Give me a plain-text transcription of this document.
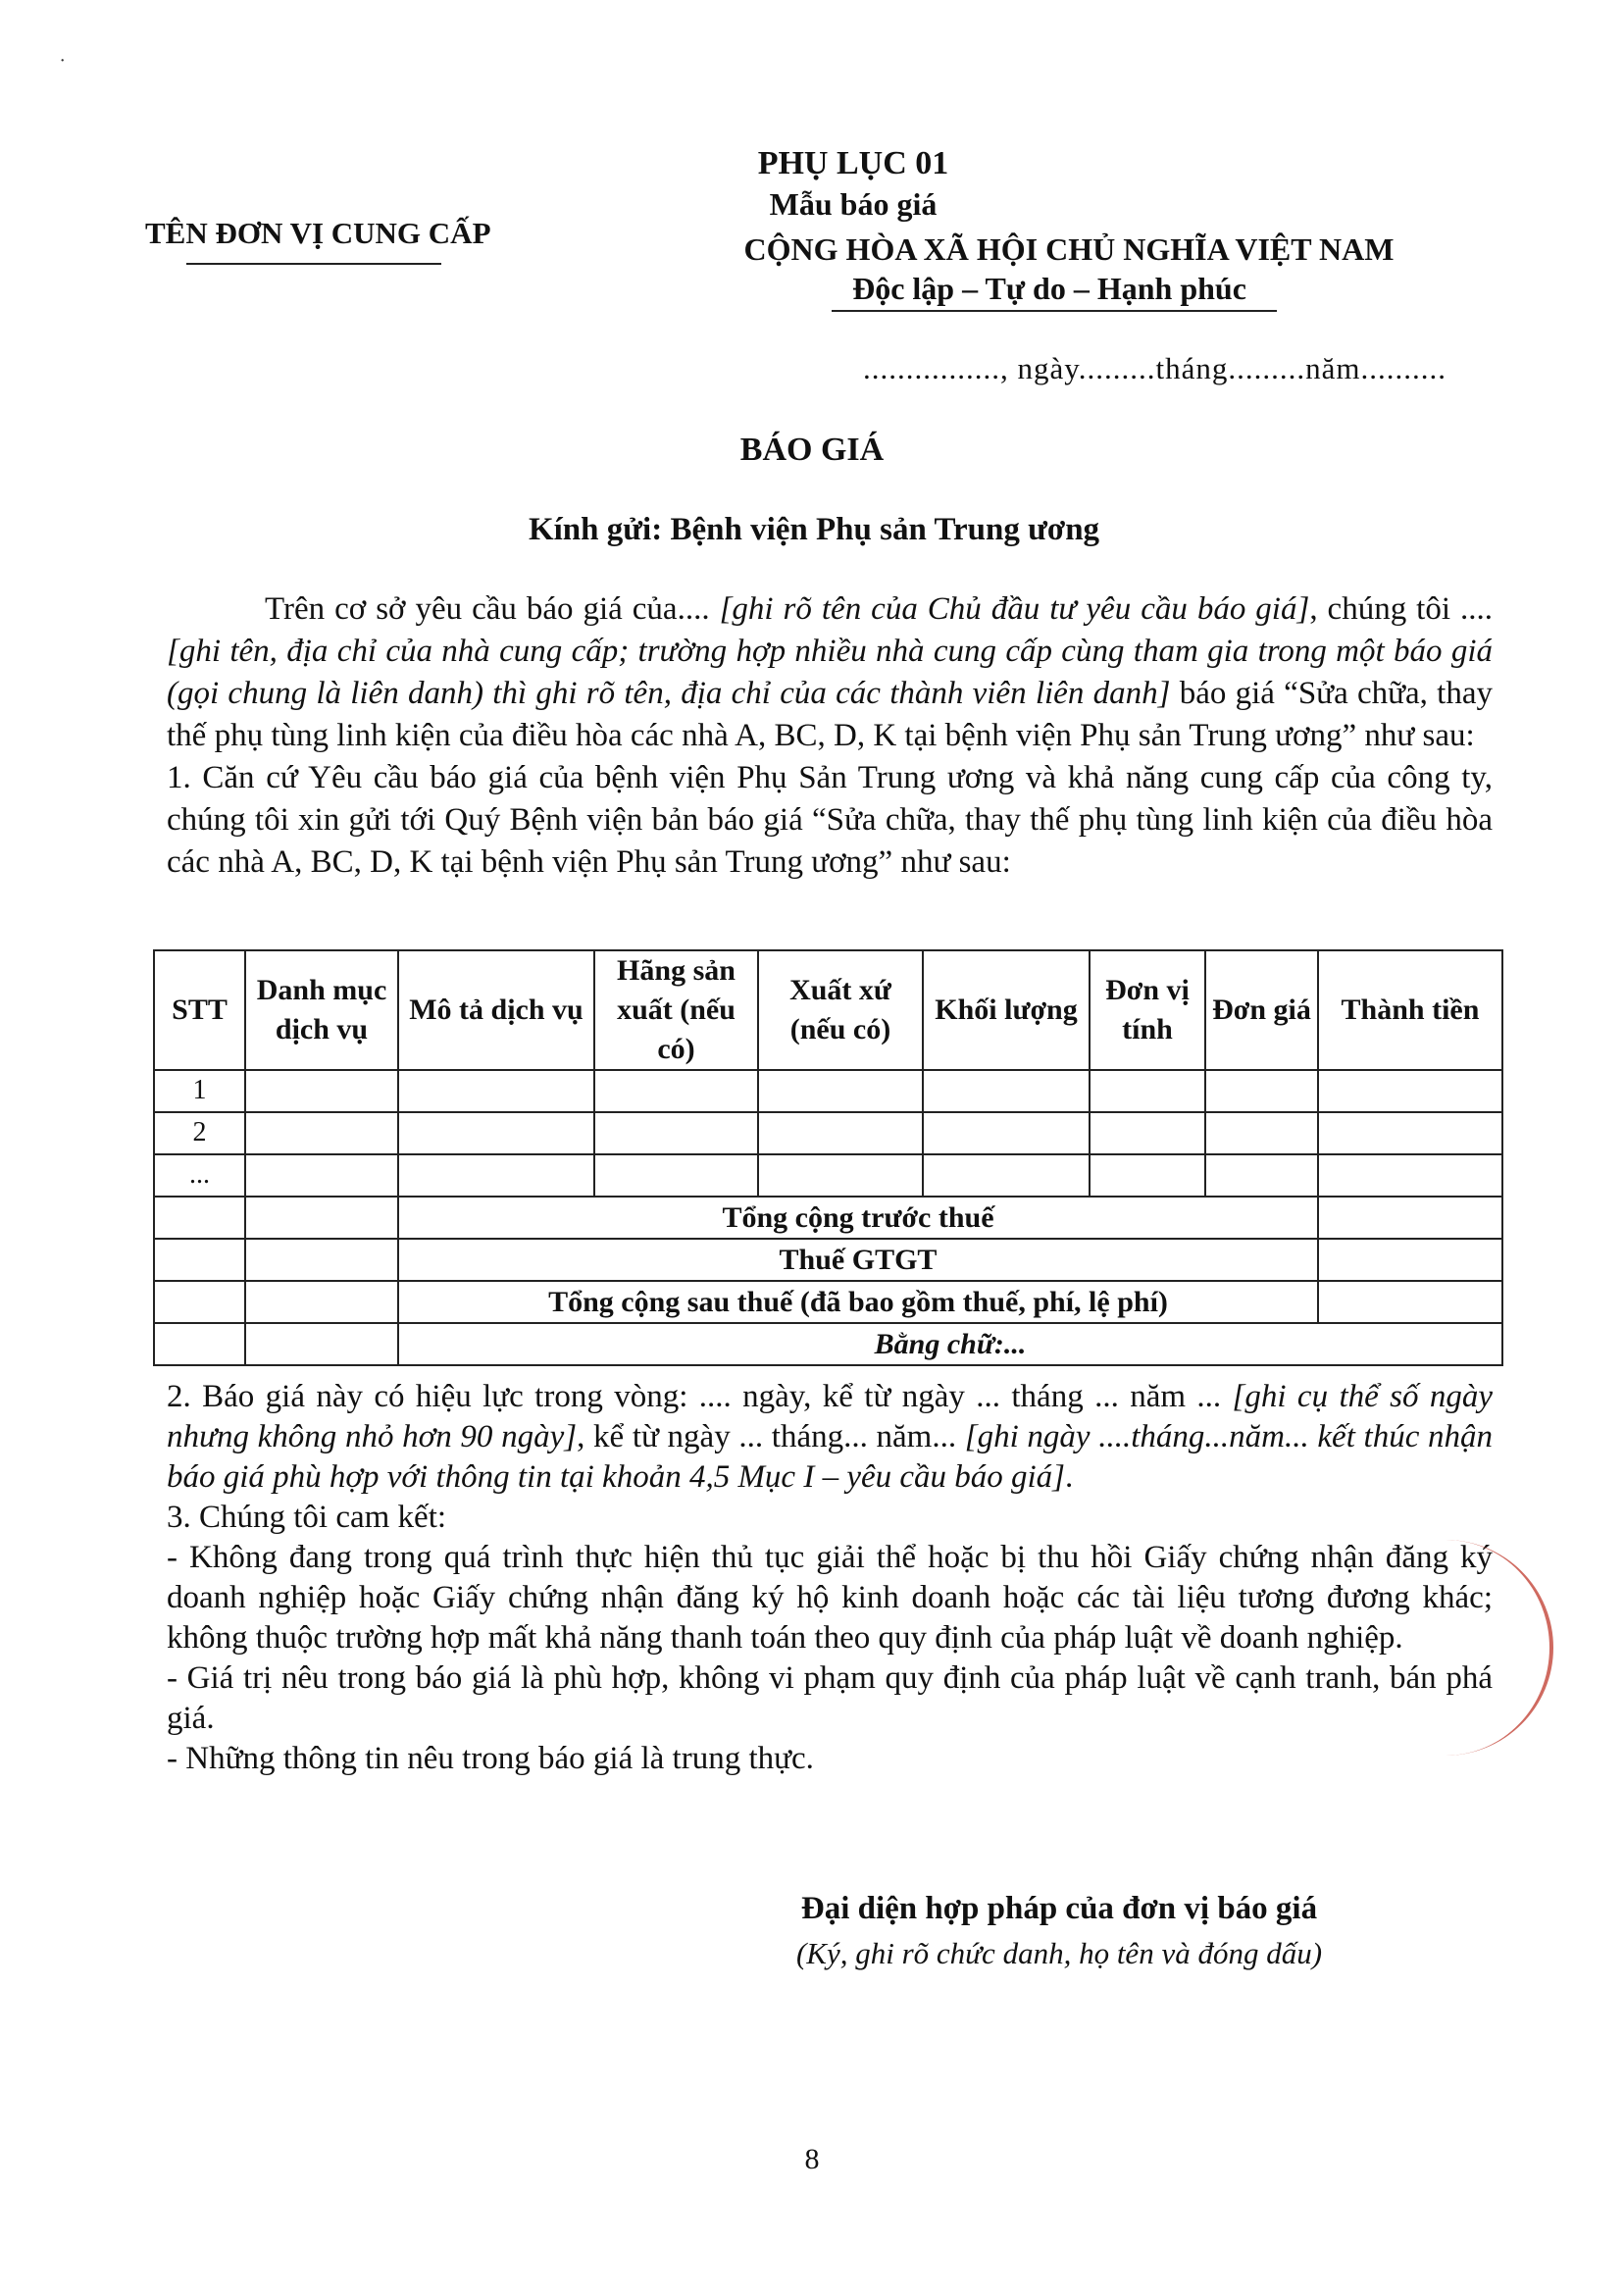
˙
TÊN ĐƠN VỊ CUNG CẤP
PHỤ LỤC 01
Mẫu báo giá
CỘNG HÒA XÃ HỘI CHỦ NGHĨA VIỆT NAM
Độc lập – Tự do – Hạnh phúc
................, ngày.........tháng.........năm..........
BÁO GIÁ
Kính gửi: Bệnh viện Phụ sản Trung ương

Trên cơ sở yêu cầu báo giá của.... [ghi rõ tên của Chủ đầu tư yêu cầu báo giá], chúng tôi .... [ghi tên, địa chỉ của nhà cung cấp; trường hợp nhiều nhà cung cấp cùng tham gia trong một báo giá (gọi chung là liên danh) thì ghi rõ tên, địa chỉ của các thành viên liên danh] báo giá “Sửa chữa, thay thế phụ tùng linh kiện của điều hòa các nhà A, BC, D, K tại bệnh viện Phụ sản Trung ương” như sau:

1. Căn cứ Yêu cầu báo giá của bệnh viện Phụ Sản Trung ương và khả năng cung cấp của công ty, chúng tôi xin gửi tới Quý Bệnh viện bản báo giá “Sửa chữa, thay thế phụ tùng linh kiện của điều hòa các nhà A, BC, D, K tại bệnh viện Phụ sản Trung ương” như sau:

STT	Danh mục dịch vụ	Mô tả dịch vụ	Hãng sản xuất (nếu có)	Xuất xứ (nếu có)	Khối lượng	Đơn vị tính	Đơn giá	Thành tiền
1								
2								
...								
		Tổng cộng trước thuế						
		Thuế GTGT						
		Tổng cộng sau thuế (đã bao gồm thuế, phí, lệ phí)						
		Bằng chữ:...						

2. Báo giá này có hiệu lực trong vòng: .... ngày, kể từ ngày ... tháng ... năm ... [ghi cụ thể số ngày nhưng không nhỏ hơn 90 ngày], kể từ ngày ... tháng... năm... [ghi ngày ....tháng...năm... kết thúc nhận báo giá phù hợp với thông tin tại khoản 4,5 Mục I – yêu cầu báo giá].

3. Chúng tôi cam kết:

- Không đang trong quá trình thực hiện thủ tục giải thể hoặc bị thu hồi Giấy chứng nhận đăng ký doanh nghiệp hoặc Giấy chứng nhận đăng ký hộ kinh doanh hoặc các tài liệu tương đương khác; không thuộc trường hợp mất khả năng thanh toán theo quy định của pháp luật về doanh nghiệp.

- Giá trị nêu trong báo giá là phù hợp, không vi phạm quy định của pháp luật về cạnh tranh, bán phá giá.

- Những thông tin nêu trong báo giá là trung thực.

Đại diện hợp pháp của đơn vị báo giá
(Ký, ghi rõ chức danh, họ tên và đóng dấu)
8
